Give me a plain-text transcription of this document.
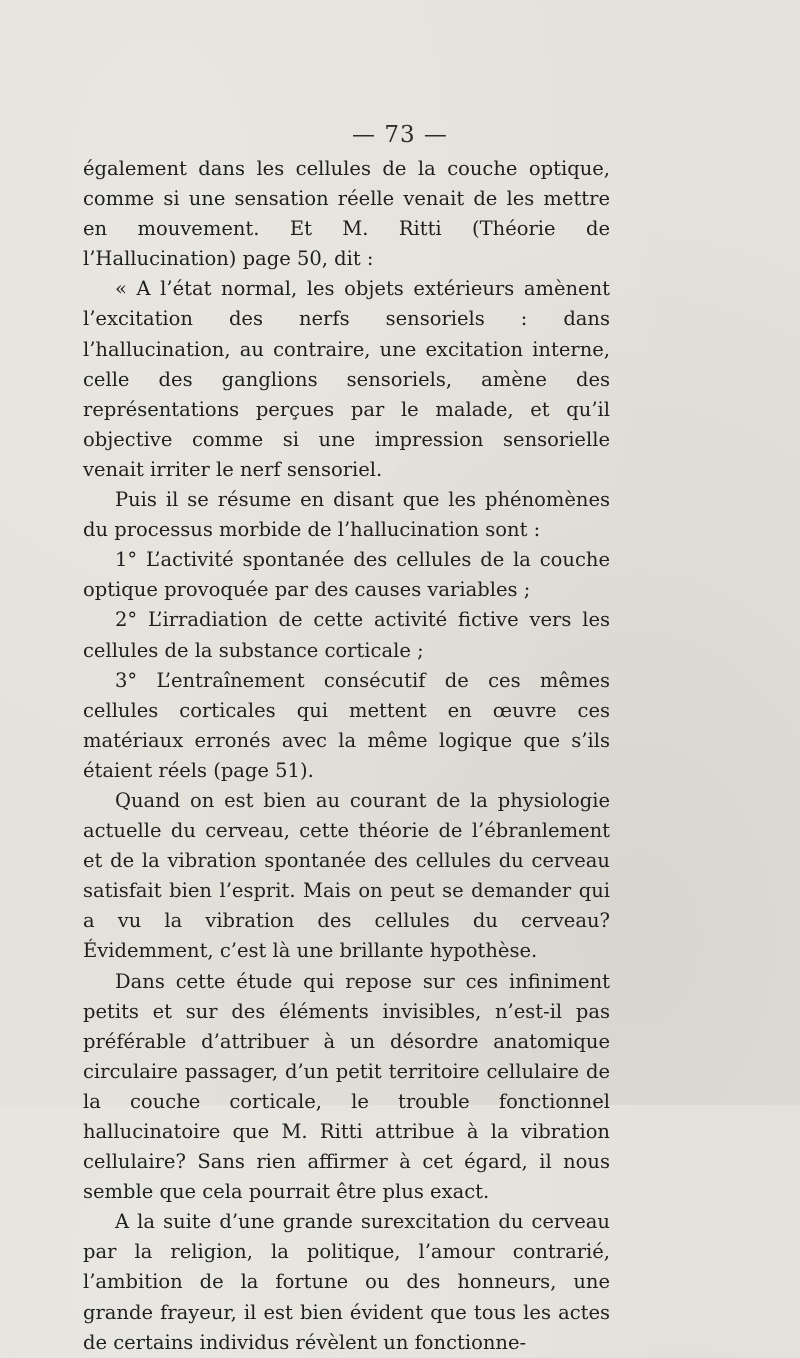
— 73 —

également dans les cellules de la couche optique, comme si une sensation réelle venait de les mettre en mouvement. Et M. Ritti (Théorie de l’Hallucination) page 50, dit :

« A l’état normal, les objets extérieurs amènent l’excitation des nerfs sensoriels : dans l’hallucination, au contraire, une excitation interne, celle des ganglions sensoriels, amène des représentations perçues par le malade, et qu’il objective comme si une impression sensorielle venait irriter le nerf sensoriel.

Puis il se résume en disant que les phénomènes du processus morbide de l’hallucination sont :

1° L’activité spontanée des cellules de la couche optique provoquée par des causes variables ;

2° L’irradiation de cette activité fictive vers les cellules de la substance corticale ;

3° L’entraînement consécutif de ces mêmes cellules corticales qui mettent en œuvre ces matériaux erronés avec la même logique que s’ils étaient réels (page 51).

Quand on est bien au courant de la physiologie actuelle du cerveau, cette théorie de l’ébranlement et de la vibration spontanée des cellules du cerveau satisfait bien l’esprit. Mais on peut se demander qui a vu la vibration des cellules du cerveau? Évidemment, c’est là une brillante hypothèse.

Dans cette étude qui repose sur ces infiniment petits et sur des éléments invisibles, n’est-il pas préférable d’attribuer à un désordre anatomique circulaire passager, d’un petit territoire cellulaire de la couche corticale, le trouble fonctionnel hallucinatoire que M. Ritti attribue à la vibration cellulaire? Sans rien affirmer à cet égard, il nous semble que cela pourrait être plus exact.

A la suite d’une grande surexcitation du cerveau par la religion, la politique, l’amour contrarié, l’ambition de la fortune ou des honneurs, une grande frayeur, il est bien évident que tous les actes de certains individus révèlent un fonctionne-
